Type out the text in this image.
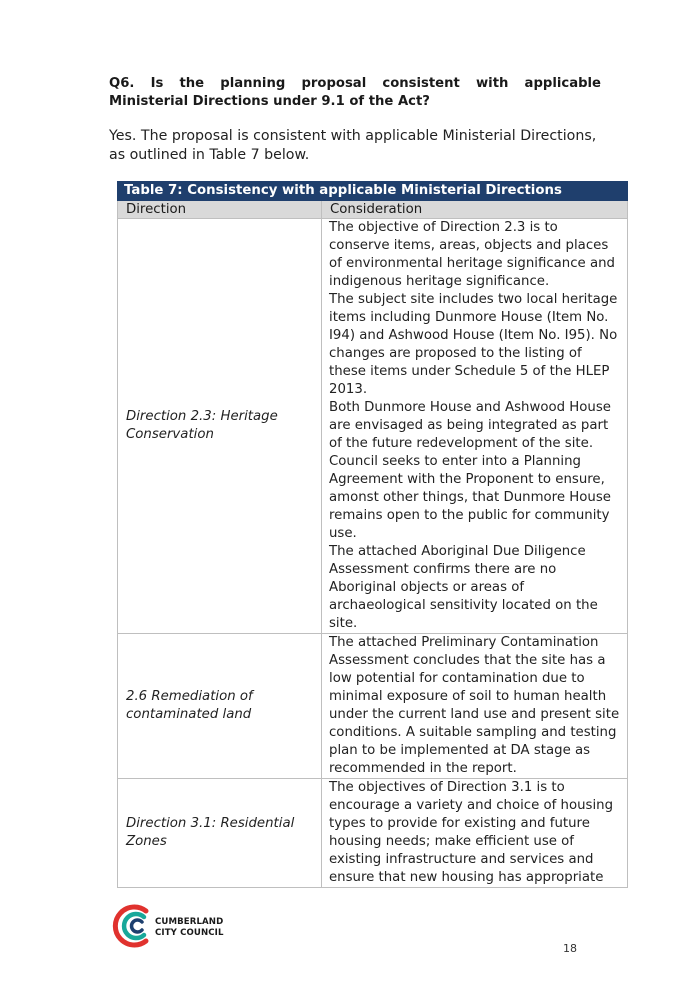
Q6. Is the planning proposal consistent with applicable Ministerial Directions under 9.1 of the Act?
Yes. The proposal is consistent with applicable Ministerial Directions, as outlined in Table 7 below.
Table 7: Consistency with applicable Ministerial Directions	
Direction	Consideration
Direction 2.3: Heritage Conservation	The objective of Direction 2.3 is to conserve items, areas, objects and places of environmental heritage significance and indigenous heritage significance.

The subject site includes two local heritage items including Dunmore House (Item No. I94) and Ashwood House (Item No. I95). No changes are proposed to the listing of these items under Schedule 5 of the HLEP 2013.

Both Dunmore House and Ashwood House are envisaged as being integrated as part of the future redevelopment of the site. Council seeks to enter into a Planning Agreement with the Proponent to ensure, amonst other things, that Dunmore House remains open to the public for community use.

The attached Aboriginal Due Diligence Assessment confirms there are no Aboriginal objects or areas of archaeological sensitivity located on the site.

2.6 Remediation of contaminated land	The attached Preliminary Contamination Assessment concludes that the site has a low potential for contamination due to minimal exposure of soil to human health under the current land use and present site conditions. A suitable sampling and testing plan to be implemented at DA stage as recommended in the report.

Direction 3.1: Residential Zones	The objectives of Direction 3.1 is to encourage a variety and choice of housing types to provide for existing and future housing needs; make efficient use of existing infrastructure and services and ensure that new housing has appropriate

CUMBERLAND
CITY COUNCIL
18
